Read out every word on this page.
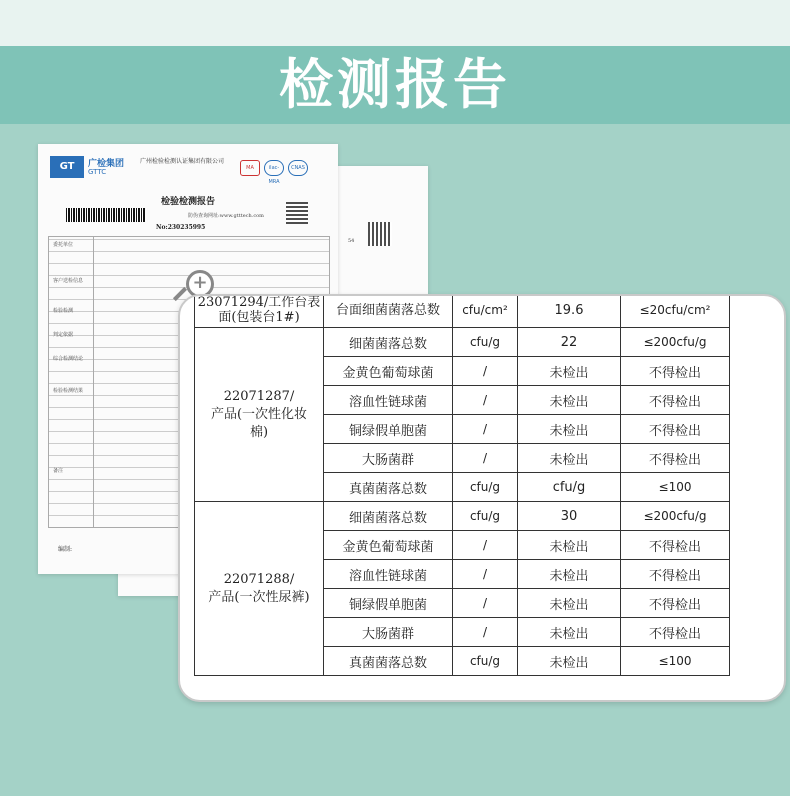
检测报告
54
GT	广检集团
GTTC
广州检验检测认证集团有限公司
MA	ilac-MRA
CNAS
检验检测报告
No:230235995
防伪查询网址:www.gtttech.com
委托单位
客户送检信息
检验检测
判定依据
综合检测结论
检验检测结果
备注
编制:
+
23071294/工作台表面(包装台1#)	台面细菌菌落总数	cfu/cm²	19.6	≤20cfu/cm²
22071287/
产品(一次性化妆
棉)	细菌菌落总数	cfu/g	22	≤200cfu/g
	金黄色葡萄球菌	/	未检出	不得检出
	溶血性链球菌	/	未检出	不得检出
	铜绿假单胞菌	/	未检出	不得检出
	大肠菌群	/	未检出	不得检出
	真菌菌落总数	cfu/g	cfu/g	≤100
22071288/
产品(一次性尿裤)	细菌菌落总数	cfu/g	30	≤200cfu/g
	金黄色葡萄球菌	/	未检出	不得检出
	溶血性链球菌	/	未检出	不得检出
	铜绿假单胞菌	/	未检出	不得检出
	大肠菌群	/	未检出	不得检出
	真菌菌落总数	cfu/g	未检出	≤100
